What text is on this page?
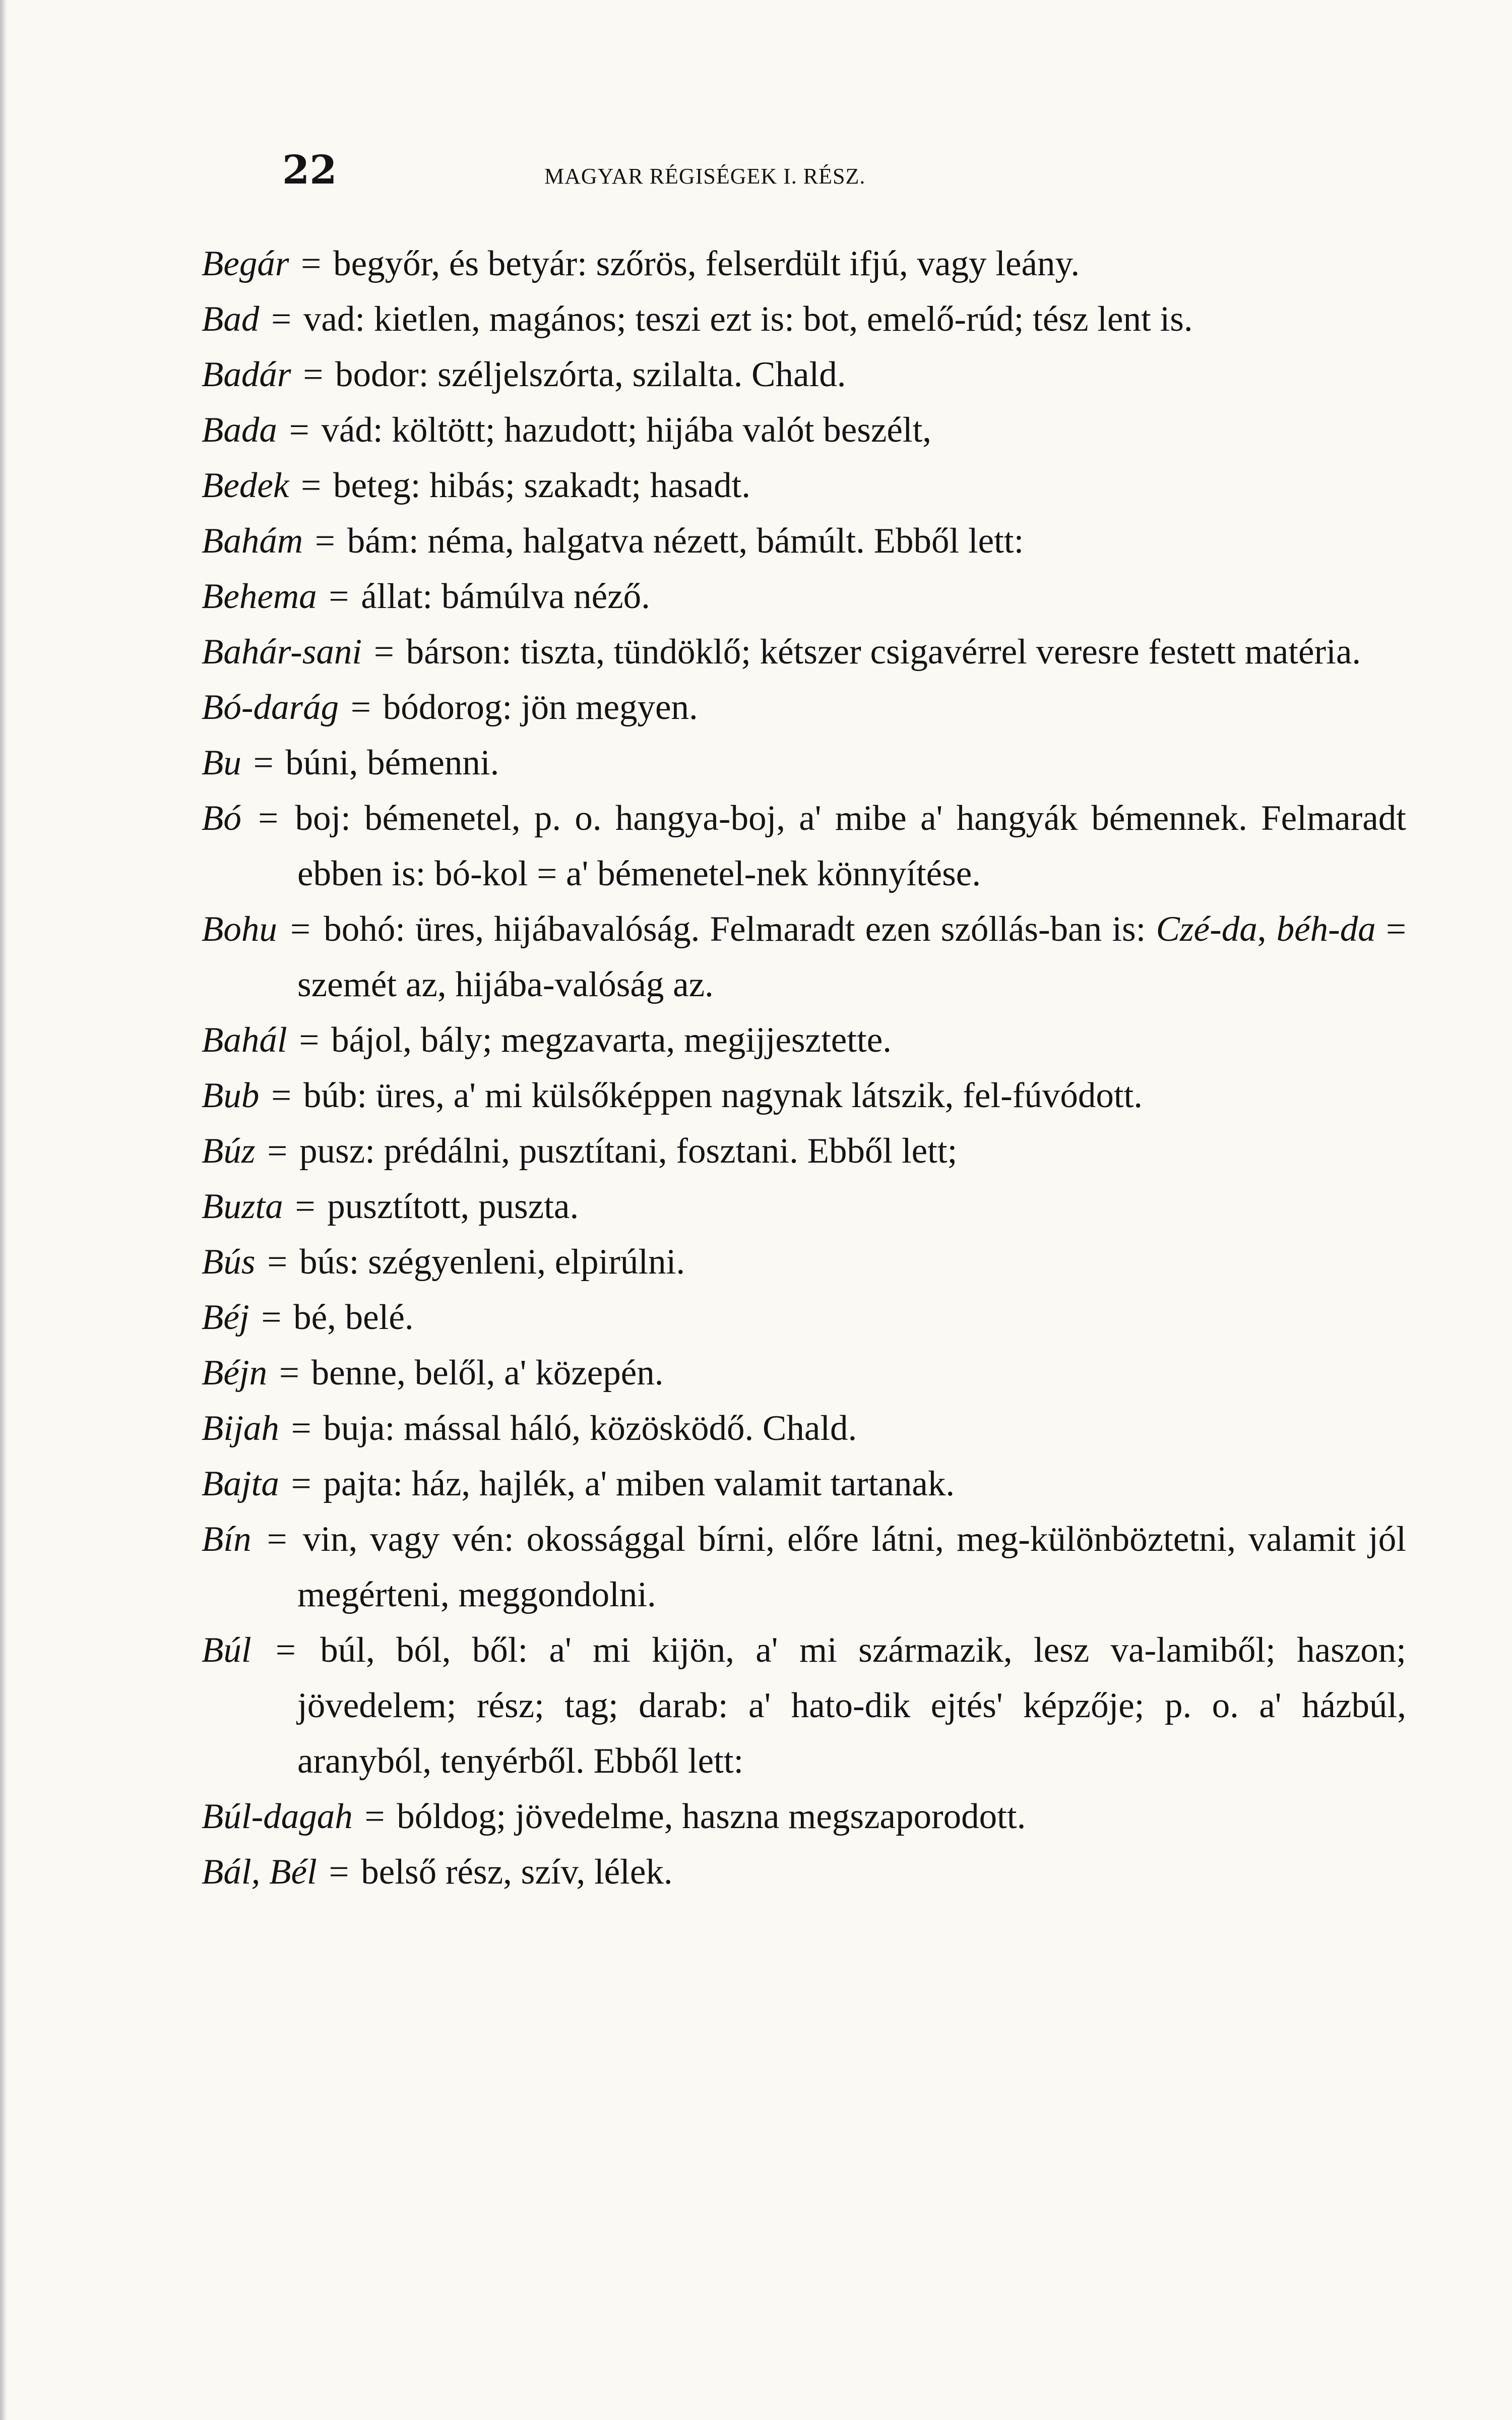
22	MAGYAR RÉGISÉGEK I. RÉSZ.

Begár = begyőr, és betyár: szőrös, felserdült ifjú, vagy leány.

Bad = vad: kietlen, magános; teszi ezt is: bot, emelő-rúd; tész lent is.

Badár = bodor: széljelszórta, szilalta. Chald.

Bada = vád: költött; hazudott; hijába valót beszélt,

Bedek = beteg: hibás; szakadt; hasadt.

Bahám = bám: néma, halgatva nézett, bámúlt. Ebből lett:

Behema = állat: bámúlva néző.

Bahár-sani = bárson: tiszta, tündöklő; kétszer csigavérrel veresre festett matéria.

Bó-darág = bódorog: jön megyen.

Bu = búni, bémenni.

Bó = boj: bémenetel, p. o. hangya-boj, a' mibe a' hangyák bémennek. Felmaradt ebben is: bó-kol = a' bémenetel-nek könnyítése.

Bohu = bohó: üres, hijábavalóság. Felmaradt ezen szóllás-ban is: Czé-da, béh-da = szemét az, hijába-valóság az.

Bahál = bájol, bály; megzavarta, megijjesztette.

Bub = búb: üres, a' mi külsőképpen nagynak látszik, fel-fúvódott.

Búz = pusz: prédálni, pusztítani, fosztani. Ebből lett;

Buzta = pusztított, puszta.

Bús = bús: szégyenleni, elpirúlni.

Béj = bé, belé.

Béjn = benne, belől, a' közepén.

Bijah = buja: mással háló, közösködő. Chald.

Bajta = pajta: ház, hajlék, a' miben valamit tartanak.

Bín = vin, vagy vén: okossággal bírni, előre látni, meg-különböztetni, valamit jól megérteni, meggondolni.

Búl = búl, ból, ből: a' mi kijön, a' mi származik, lesz va-lamiből; haszon; jövedelem; rész; tag; darab: a' hato-dik ejtés' képzője; p. o. a' házbúl, aranyból, tenyérből. Ebből lett:

Búl-dagah = bóldog; jövedelme, haszna megszaporodott.

Bál, Bél = belső rész, szív, lélek.
